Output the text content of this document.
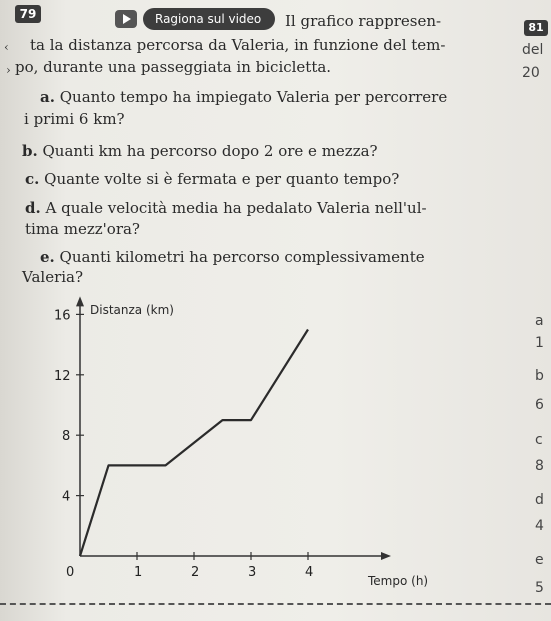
79	Ragiona sul video	Il grafico rappresen-	81
ta la distanza percorsa da Valeria, in funzione del tem-
po, durante una passeggiata in bicicletta.
del
20
a. Quanto tempo ha impiegato Valeria per percorrere
i primi 6 km?
b. Quanti km ha percorso dopo 2 ore e mezza?
c. Quante volte si è fermata e per quanto tempo?
d. A quale velocità media ha pedalato Valeria nell'ul-
tima mezz'ora?
e. Quanti kilometri ha percorso complessivamente
Valeria?
‹
›
0	1	2	3	4
4
8
12
16 Distanza (km)
Tempo (h)
a
1
b
6
c
8
d
4
e
5
